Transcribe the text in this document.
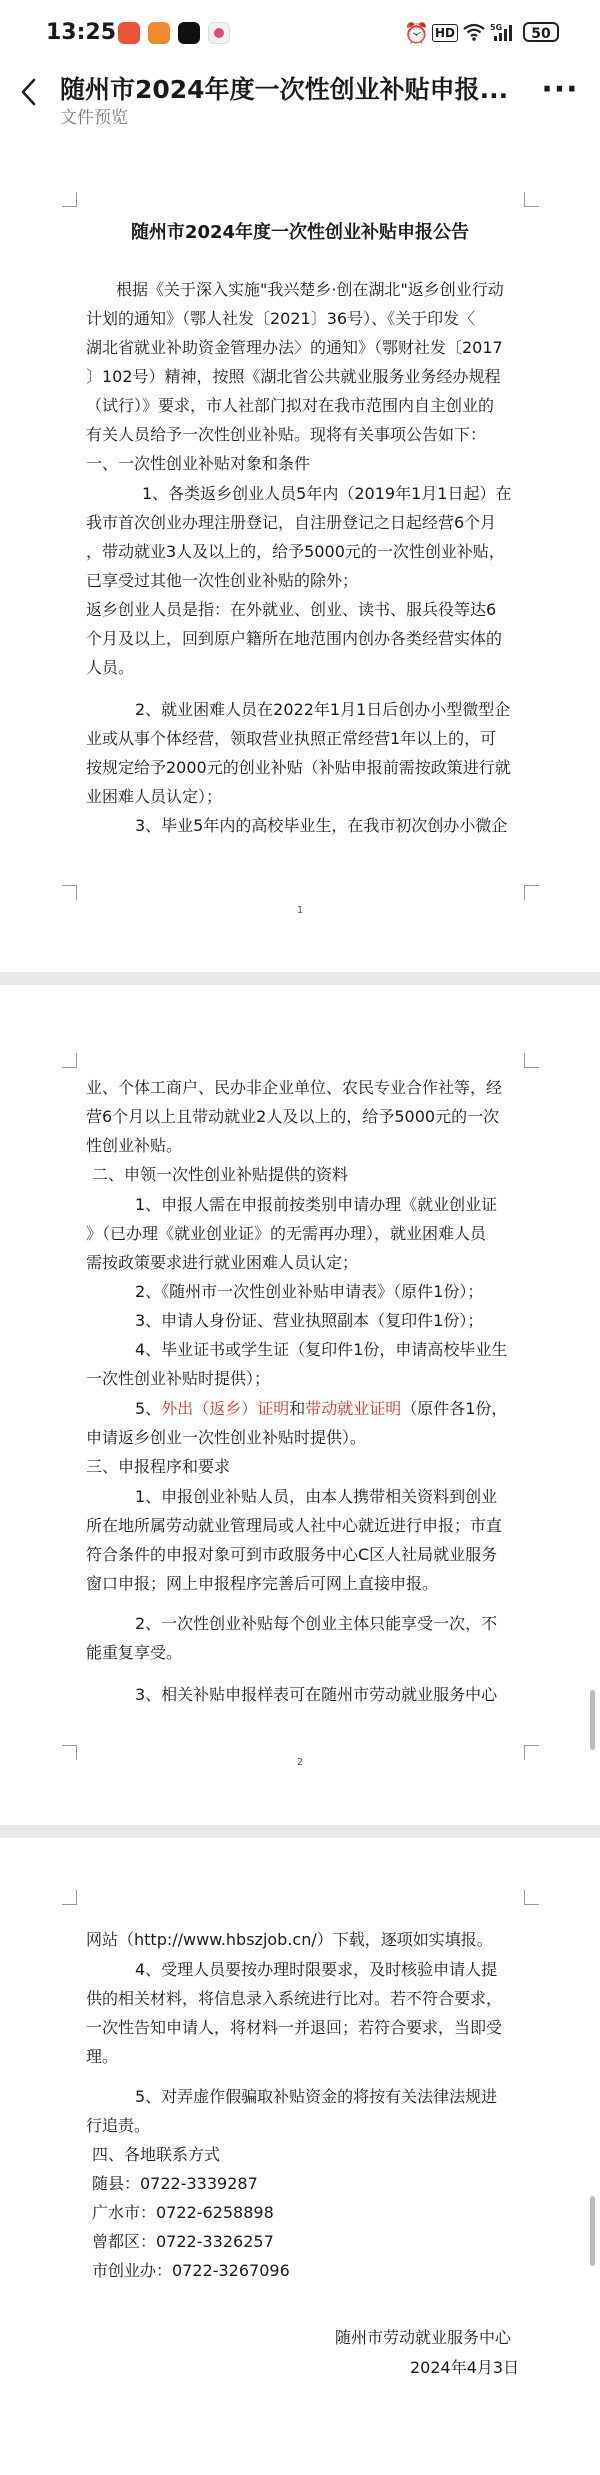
13:25	⏰ HD	5G	50
随州市2024年度一次性创业补贴申报...
文件预览
···
随州市2024年度一次性创业补贴申报公告
根据《关于深入实施"我兴楚乡·创在湖北"返乡创业行动
计划的通知》（鄂人社发〔2021〕36号）、《关于印发〈
湖北省就业补助资金管理办法〉的通知》（鄂财社发〔2017
〕102号）精神，按照《湖北省公共就业服务业务经办规程
（试行）》要求，市人社部门拟对在我市范围内自主创业的
有关人员给予一次性创业补贴。现将有关事项公告如下：
一、一次性创业补贴对象和条件
1、各类返乡创业人员5年内（2019年1月1日起）在
我市首次创业办理注册登记，自注册登记之日起经营6个月
，带动就业3人及以上的，给予5000元的一次性创业补贴，
已享受过其他一次性创业补贴的除外；
返乡创业人员是指：在外就业、创业、读书、服兵役等达6
个月及以上，回到原户籍所在地范围内创办各类经营实体的
人员。
2、就业困难人员在2022年1月1日后创办小型微型企
业或从事个体经营，领取营业执照正常经营1年以上的，可
按规定给予2000元的创业补贴（补贴申报前需按政策进行就
业困难人员认定）；
3、毕业5年内的高校毕业生，在我市初次创办小微企
1
业、个体工商户、民办非企业单位、农民专业合作社等，经
营6个月以上且带动就业2人及以上的，给予5000元的一次
性创业补贴。
二、申领一次性创业补贴提供的资料
1、申报人需在申报前按类别申请办理《就业创业证
》（已办理《就业创业证》的无需再办理），就业困难人员
需按政策要求进行就业困难人员认定；
2、《随州市一次性创业补贴申请表》（原件1份）；
3、申请人身份证、营业执照副本（复印件1份）；
4、毕业证书或学生证（复印件1份，申请高校毕业生
一次性创业补贴时提供）；
5、外出（返乡）证明和带动就业证明（原件各1份，
申请返乡创业一次性创业补贴时提供）。
三、申报程序和要求
1、申报创业补贴人员，由本人携带相关资料到创业
所在地所属劳动就业管理局或人社中心就近进行申报；市直
符合条件的申报对象可到市政服务中心C区人社局就业服务
窗口申报；网上申报程序完善后可网上直接申报。
2、一次性创业补贴每个创业主体只能享受一次，不
能重复享受。
3、相关补贴申报样表可在随州市劳动就业服务中心
2
网站（http://www.hbszjob.cn/）下载，逐项如实填报。
4、受理人员要按办理时限要求，及时核验申请人提
供的相关材料，将信息录入系统进行比对。若不符合要求，
一次性告知申请人，将材料一并退回；若符合要求，当即受
理。
5、对弄虚作假骗取补贴资金的将按有关法律法规进
行追责。
四、各地联系方式
随县：0722-3339287
广水市：0722-6258898
曾都区：0722-3326257
市创业办：0722-3267096
随州市劳动就业服务中心
2024年4月3日
